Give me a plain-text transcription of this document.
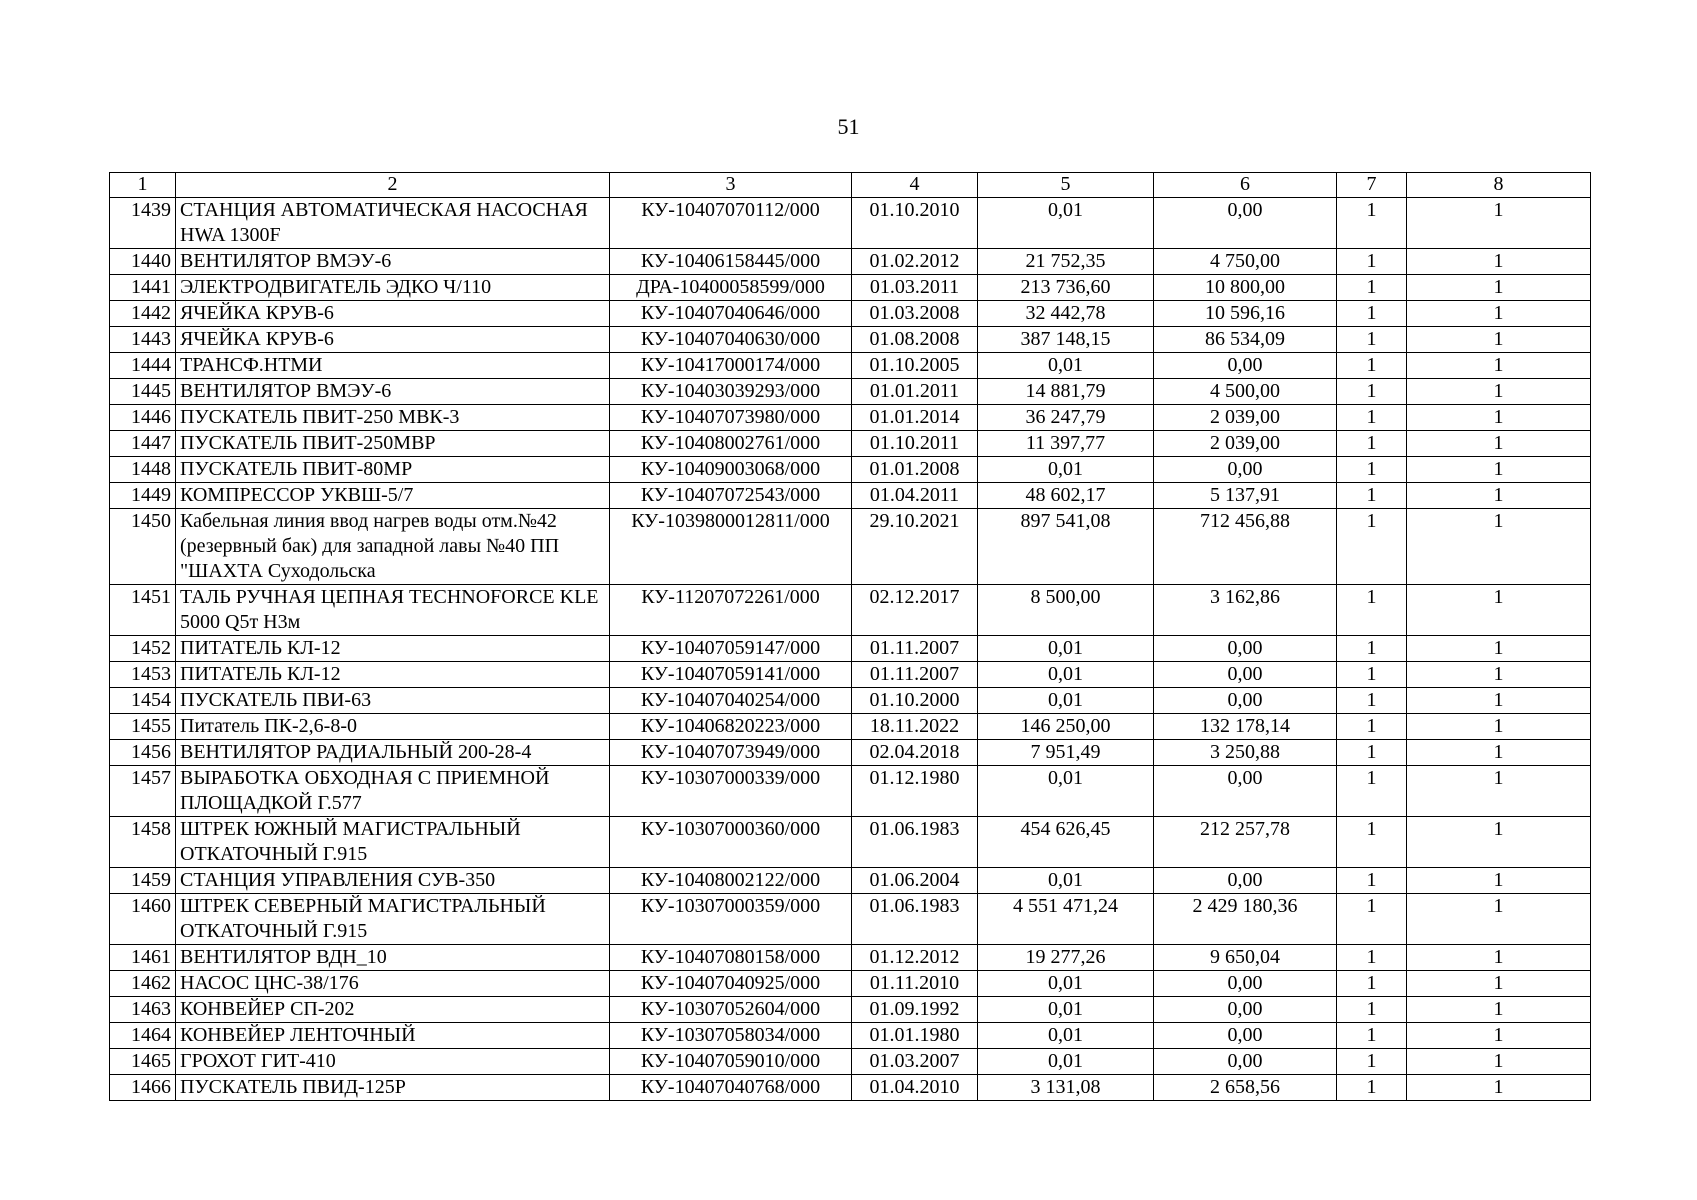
51
1	2	3	4	5	6	7	8
1439	СТАНЦИЯ АВТОМАТИЧЕСКАЯ НАСОСНАЯ HWA 1300F	КУ-10407070112/000	01.10.2010	0,01	0,00	1	1
1440	ВЕНТИЛЯТОР ВМЭУ-6	КУ-10406158445/000	01.02.2012	21 752,35	4 750,00	1	1
1441	ЭЛЕКТРОДВИГАТЕЛЬ ЭДКО Ч/110	ДРА-10400058599/000	01.03.2011	213 736,60	10 800,00	1	1
1442	ЯЧЕЙКА КРУВ-6	КУ-10407040646/000	01.03.2008	32 442,78	10 596,16	1	1
1443	ЯЧЕЙКА КРУВ-6	КУ-10407040630/000	01.08.2008	387 148,15	86 534,09	1	1
1444	ТРАНСФ.НТМИ	КУ-10417000174/000	01.10.2005	0,01	0,00	1	1
1445	ВЕНТИЛЯТОР ВМЭУ-6	КУ-10403039293/000	01.01.2011	14 881,79	4 500,00	1	1
1446	ПУСКАТЕЛЬ ПВИТ-250 МВК-3	КУ-10407073980/000	01.01.2014	36 247,79	2 039,00	1	1
1447	ПУСКАТЕЛЬ ПВИТ-250МВР	КУ-10408002761/000	01.10.2011	11 397,77	2 039,00	1	1
1448	ПУСКАТЕЛЬ ПВИТ-80МР	КУ-10409003068/000	01.01.2008	0,01	0,00	1	1
1449	КОМПРЕССОР УКВШ-5/7	КУ-10407072543/000	01.04.2011	48 602,17	5 137,91	1	1
1450	Кабельная линия ввод нагрев воды отм.№42 (резервный бак) для западной лавы №40 ПП "ШАХТА Суходольска	КУ-1039800012811/000	29.10.2021	897 541,08	712 456,88	1	1
1451	ТАЛЬ РУЧНАЯ ЦЕПНАЯ TECHNOFORCE KLE 5000 Q5т H3м	КУ-11207072261/000	02.12.2017	8 500,00	3 162,86	1	1
1452	ПИТАТЕЛЬ КЛ-12	КУ-10407059147/000	01.11.2007	0,01	0,00	1	1
1453	ПИТАТЕЛЬ КЛ-12	КУ-10407059141/000	01.11.2007	0,01	0,00	1	1
1454	ПУСКАТЕЛЬ ПВИ-63	КУ-10407040254/000	01.10.2000	0,01	0,00	1	1
1455	Питатель ПК-2,6-8-0	КУ-10406820223/000	18.11.2022	146 250,00	132 178,14	1	1
1456	ВЕНТИЛЯТОР РАДИАЛЬНЫЙ 200-28-4	КУ-10407073949/000	02.04.2018	7 951,49	3 250,88	1	1
1457	ВЫРАБОТКА ОБХОДНАЯ С ПРИЕМНОЙ ПЛОЩАДКОЙ Г.577	КУ-10307000339/000	01.12.1980	0,01	0,00	1	1
1458	ШТРЕК ЮЖНЫЙ МАГИСТРАЛЬНЫЙ ОТКАТОЧНЫЙ Г.915	КУ-10307000360/000	01.06.1983	454 626,45	212 257,78	1	1
1459	СТАНЦИЯ УПРАВЛЕНИЯ СУВ-350	КУ-10408002122/000	01.06.2004	0,01	0,00	1	1
1460	ШТРЕК СЕВЕРНЫЙ МАГИСТРАЛЬНЫЙ ОТКАТОЧНЫЙ Г.915	КУ-10307000359/000	01.06.1983	4 551 471,24	2 429 180,36	1	1
1461	ВЕНТИЛЯТОР ВДН_10	КУ-10407080158/000	01.12.2012	19 277,26	9 650,04	1	1
1462	НАСОС ЦНС-38/176	КУ-10407040925/000	01.11.2010	0,01	0,00	1	1
1463	КОНВЕЙЕР СП-202	КУ-10307052604/000	01.09.1992	0,01	0,00	1	1
1464	КОНВЕЙЕР ЛЕНТОЧНЫЙ	КУ-10307058034/000	01.01.1980	0,01	0,00	1	1
1465	ГРОХОТ ГИТ-410	КУ-10407059010/000	01.03.2007	0,01	0,00	1	1
1466	ПУСКАТЕЛЬ ПВИД-125Р	КУ-10407040768/000	01.04.2010	3 131,08	2 658,56	1	1
